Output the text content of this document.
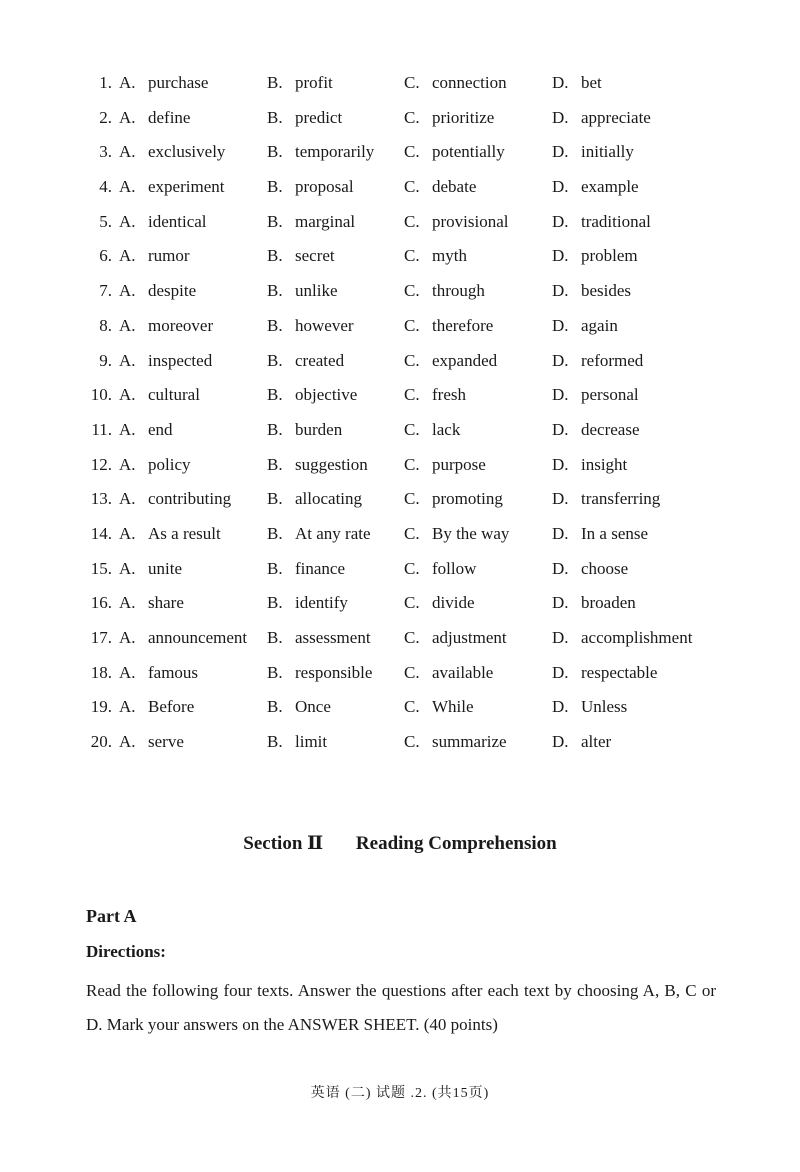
1. A. purchase	B. profit	C. connection	D. bet
2. A. define	B. predict	C. prioritize	D. appreciate
3. A. exclusively B. temporarily C. potentially	D. initially
4. A. experiment	B. proposal	C. debate	D. example
5. A. identical	B. marginal	C. provisional	D. traditional
6. A. rumor	B. secret	C. myth	D. problem
7. A. despite	B. unlike	C. through	D. besides
8. A. moreover	B. however	C. therefore	D. again
9. A. inspected	B. created	C. expanded	D. reformed
10. A. cultural	B. objective	C. fresh	D. personal
11. A. end	B. burden	C. lack	D. decrease
12. A. policy	B. suggestion C. purpose	D. insight
13. A. contributing B. allocating C. promoting	D. transferring
14. A. As a result	B. At any rate C. By the way	D. In a sense
15. A. unite	B. finance	C. follow	D. choose
16. A. share	B. identify	C. divide	D. broaden
17. A. announcement B. assessment C. adjustment	D. accomplishment
18. A. famous	B. responsible C. available	D. respectable
19. A. Before	B. Once	C. While	D. Unless
20. A. serve	B. limit	C. summarize	D. alter
Section Ⅱ Reading Comprehension
Part A
Directions:
Read the following four texts. Answer the questions after each text by choosing A, B, C or D. Mark your answers on the ANSWER SHEET. (40 points)
英语 (二) 试题 .2. (共15页)
